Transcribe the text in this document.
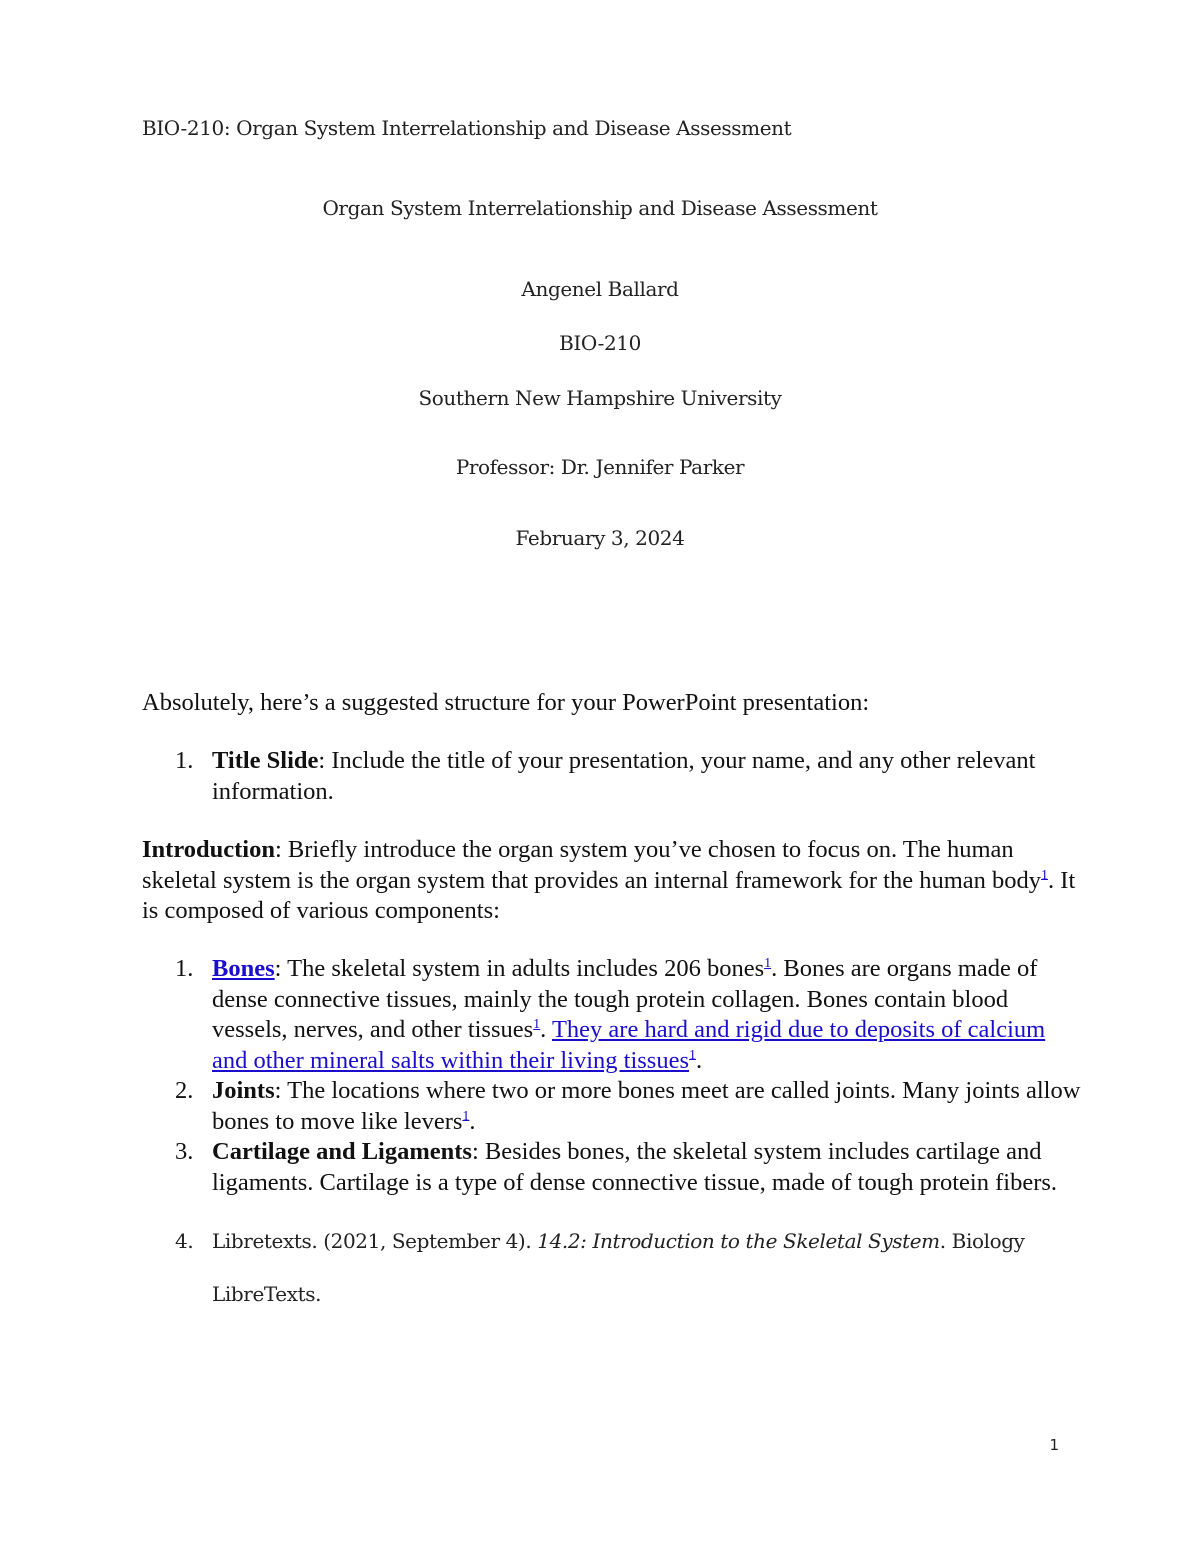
BIO-210: Organ System Interrelationship and Disease Assessment
Organ System Interrelationship and Disease Assessment
Angenel Ballard
BIO-210
Southern New Hampshire University
Professor: Dr. Jennifer Parker
February 3, 2024
Absolutely, here’s a suggested structure for your PowerPoint presentation:
1. Title Slide: Include the title of your presentation, your name, and any other relevant information.
Introduction: Briefly introduce the organ system you’ve chosen to focus on. The human skeletal system is the organ system that provides an internal framework for the human body$^1$. It is composed of various components:
1. Bones: The skeletal system in adults includes 206 bones$^1$. Bones are organs made of dense connective tissues, mainly the tough protein collagen. Bones contain blood vessels, nerves, and other tissues$^1$. They are hard and rigid due to deposits of calcium and other mineral salts within their living tissues$^1$.
2. Joints: The locations where two or more bones meet are called joints. Many joints allow bones to move like levers$^1$.
3. Cartilage and Ligaments: Besides bones, the skeletal system includes cartilage and ligaments. Cartilage is a type of dense connective tissue, made of tough protein fibers.
4. Libretexts. (2021, September 4). 14.2: Introduction to the Skeletal System. Biology
LibreTexts.
1
